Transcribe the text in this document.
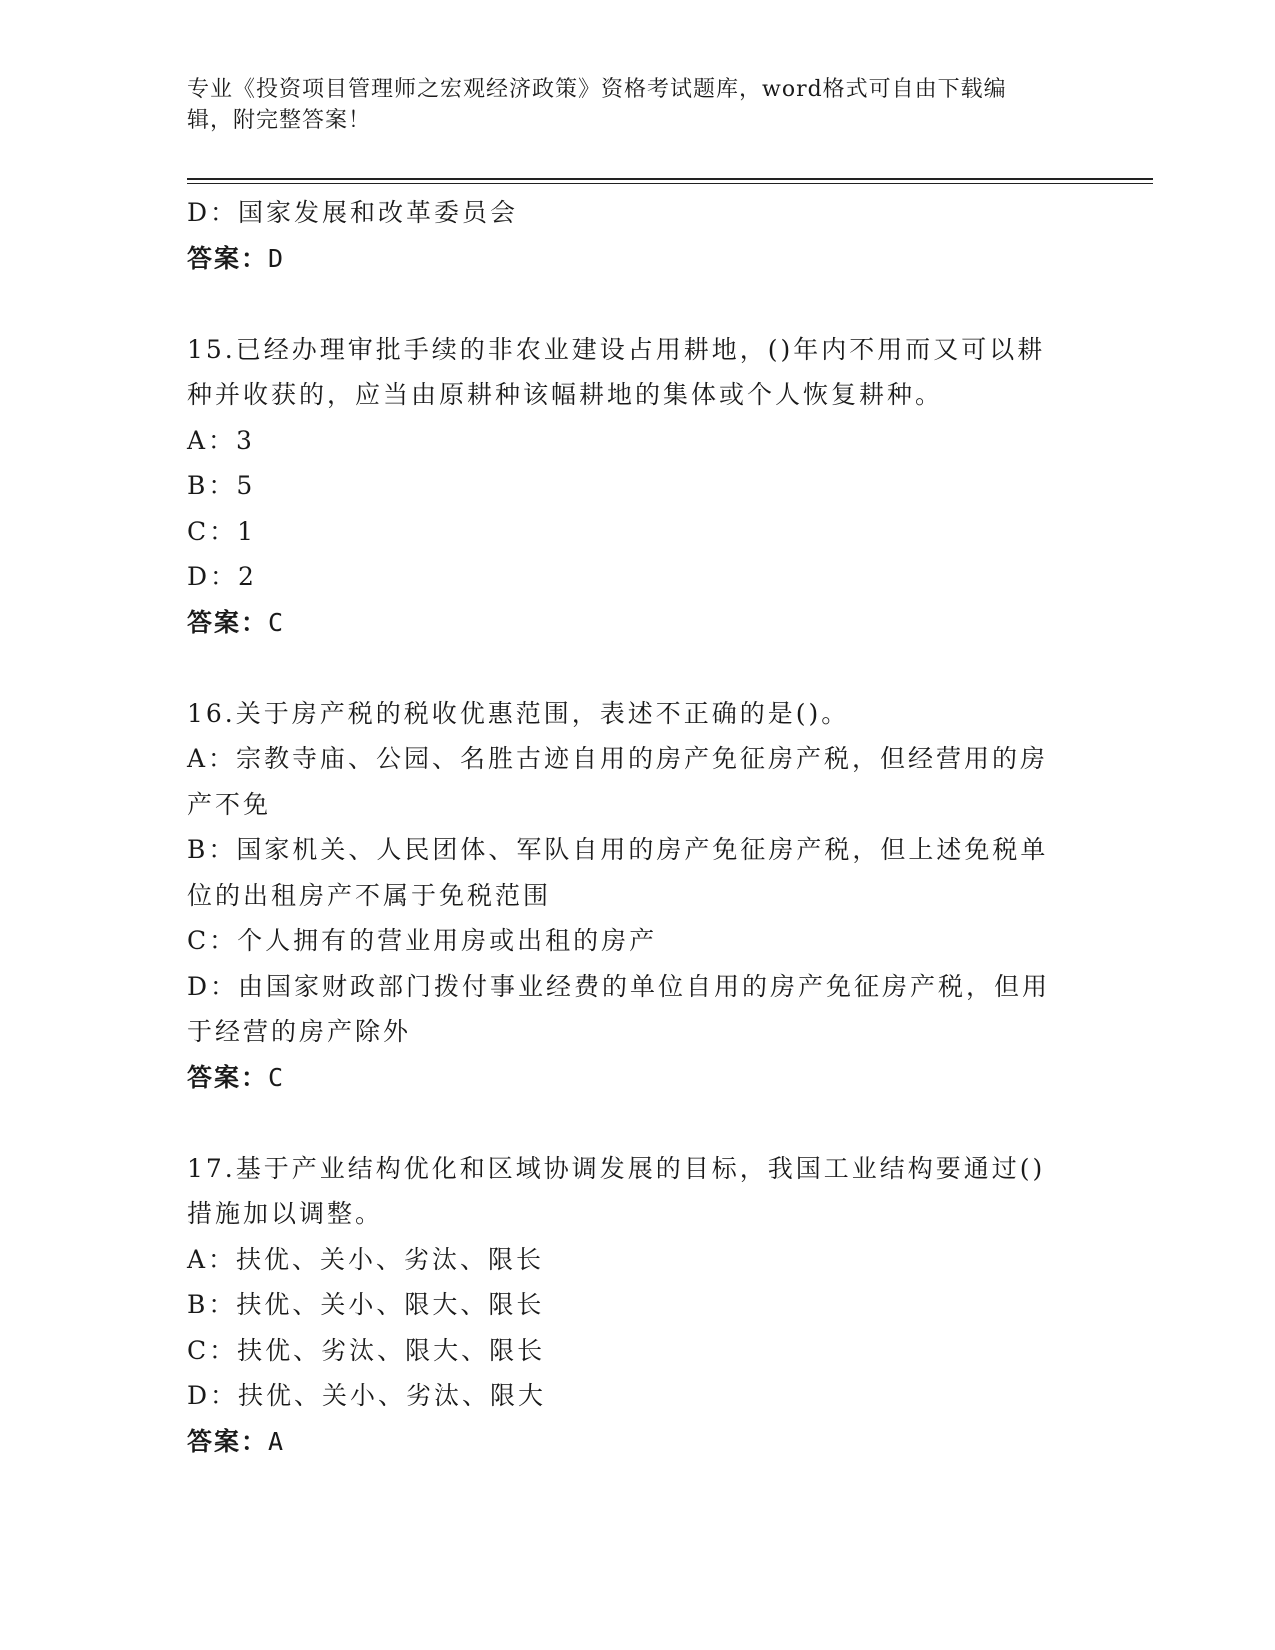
专业《投资项目管理师之宏观经济政策》资格考试题库，word格式可自由下载编
辑，附完整答案！
D：国家发展和改革委员会
答案：D
15.已经办理审批手续的非农业建设占用耕地，()年内不用而又可以耕
种并收获的，应当由原耕种该幅耕地的集体或个人恢复耕种。
A：3
B：5
C：1
D：2
答案：C
16.关于房产税的税收优惠范围，表述不正确的是()。
A：宗教寺庙、公园、名胜古迹自用的房产免征房产税，但经营用的房
产不免
B：国家机关、人民团体、军队自用的房产免征房产税，但上述免税单
位的出租房产不属于免税范围
C：个人拥有的营业用房或出租的房产
D：由国家财政部门拨付事业经费的单位自用的房产免征房产税，但用
于经营的房产除外
答案：C
17.基于产业结构优化和区域协调发展的目标，我国工业结构要通过()
措施加以调整。
A：扶优、关小、劣汰、限长
B：扶优、关小、限大、限长
C：扶优、劣汰、限大、限长
D：扶优、关小、劣汰、限大
答案：A
